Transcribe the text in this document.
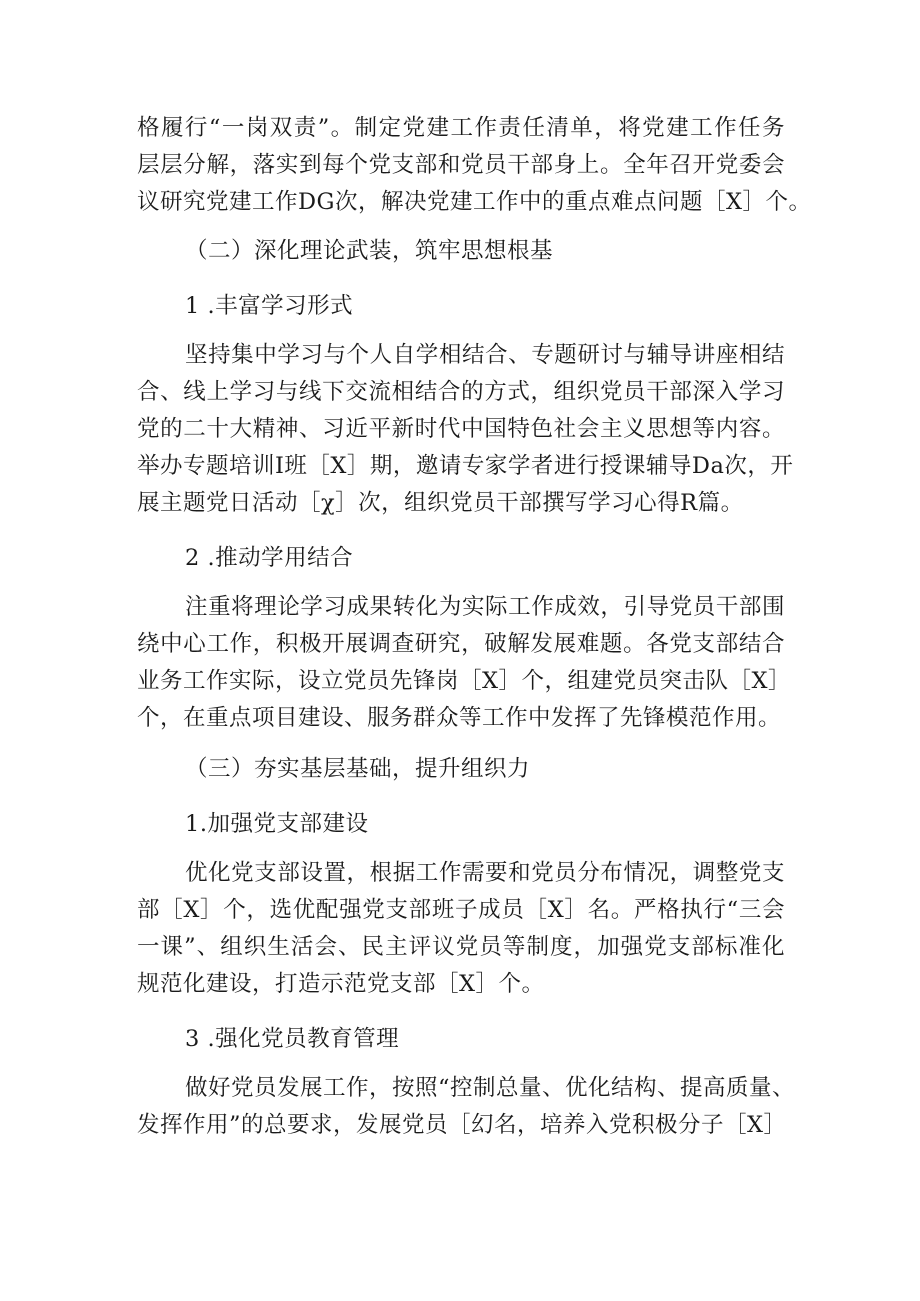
格履行“一岗双责”。制定党建工作责任清单，将党建工作任务
层层分解，落实到每个党支部和党员干部身上。全年召开党委会
议研究党建工作DG次，解决党建工作中的重点难点问题［X］个。
（二）深化理论武装，筑牢思想根基
1 .丰富学习形式
坚持集中学习与个人自学相结合、专题研讨与辅导讲座相结
合、线上学习与线下交流相结合的方式，组织党员干部深入学习
党的二十大精神、习近平新时代中国特色社会主义思想等内容。
举办专题培训I班［X］期，邀请专家学者进行授课辅导Da次，开
展主题党日活动［χ］次，组织党员干部撰写学习心得R篇。
2 .推动学用结合
注重将理论学习成果转化为实际工作成效，引导党员干部围
绕中心工作，积极开展调查研究，破解发展难题。各党支部结合
业务工作实际，设立党员先锋岗［X］个，组建党员突击队［X］
个，在重点项目建设、服务群众等工作中发挥了先锋模范作用。
（三）夯实基层基础，提升组织力
1.加强党支部建设
优化党支部设置，根据工作需要和党员分布情况，调整党支
部［X］个，选优配强党支部班子成员［X］名。严格执行“三会
一课”、组织生活会、民主评议党员等制度，加强党支部标准化
规范化建设，打造示范党支部［X］个。
3 .强化党员教育管理
做好党员发展工作，按照“控制总量、优化结构、提高质量、
发挥作用”的总要求，发展党员［幻名，培养入党积极分子［X］
